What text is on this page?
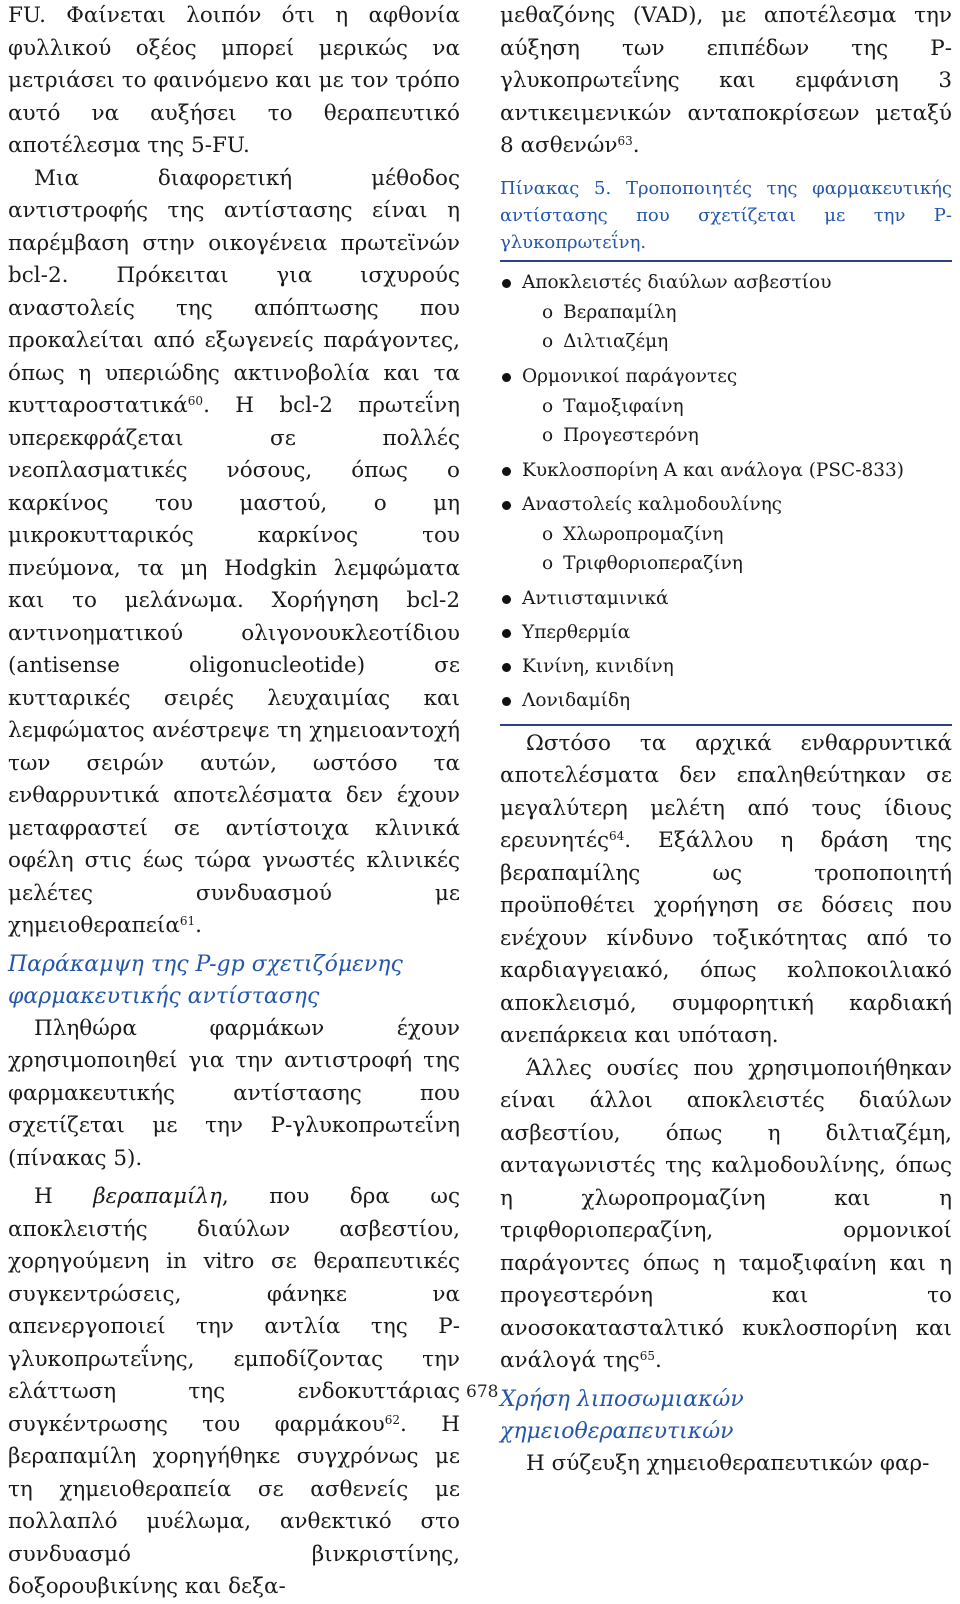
FU. Φαίνεται λοιπόν ότι η αφθονία φυλλικού οξέος μπορεί μερικώς να μετριάσει το φαινόμενο και με τον τρόπο αυτό να αυξήσει το θεραπευτικό αποτέλεσμα της 5-FU.

Μια διαφορετική μέθοδος αντιστροφής της αντίστασης είναι η παρέμβαση στην οικογένεια πρωτεϊνών bcl-2. Πρόκειται για ισχυρούς αναστολείς της απόπτωσης που προκαλείται από εξωγενείς παράγοντες, όπως η υπεριώδης ακτινοβολία και τα κυτταροστατικά$^{60}$. Η bcl-2 πρωτεΐνη υπερεκφράζεται σε πολλές νεοπλασματικές νόσους, όπως ο καρκίνος του μαστού, ο μη μικροκυτταρικός καρκίνος του πνεύμονα, τα μη Hodgkin λεμφώματα και το μελάνωμα. Χορήγηση bcl-2 αντινοηματικού ολιγονουκλεοτίδιου (antisense oligonucleotide) σε κυτταρικές σειρές λευχαιμίας και λεμφώματος ανέστρεψε τη χημειοαντοχή των σειρών αυτών, ωστόσο τα ενθαρρυντικά αποτελέσματα δεν έχουν μεταφραστεί σε αντίστοιχα κλινικά οφέλη στις έως τώρα γνωστές κλινικές μελέτες συνδυασμού με χημειοθεραπεία$^{61}$.

Παράκαμψη της P-gp σχετιζόμενης φαρμακευτικής αντίστασης

Πληθώρα φαρμάκων έχουν χρησιμοποιηθεί για την αντιστροφή της φαρμακευτικής αντίστασης που σχετίζεται με την Ρ-γλυκοπρωτεΐνη (πίνακας 5).

Η βεραπαμίλη, που δρα ως αποκλειστής διαύλων ασβεστίου, χορηγούμενη in vitro σε θεραπευτικές συγκεντρώσεις, φάνηκε να απενεργοποιεί την αντλία της Ρ-γλυκοπρωτεΐνης, εμποδίζοντας την ελάττωση της ενδοκυττάριας συγκέντρωσης του φαρμάκου$^{62}$. Η βεραπαμίλη χορηγήθηκε συγχρόνως με τη χημειοθεραπεία σε ασθενείς με πολλαπλό μυέλωμα, ανθεκτικό στο συνδυασμό βινκριστίνης, δοξορουβικίνης και δεξα-

μεθαζόνης (VAD), με αποτέλεσμα την αύξηση των επιπέδων της Ρ-γλυκοπρωτεΐνης και εμφάνιση 3 αντικειμενικών ανταποκρίσεων μεταξύ 8 ασθενών$^{63}$.

Πίνακας 5. Τροποποιητές της φαρμακευτικής αντίστασης που σχετίζεται με την Ρ-γλυκοπρωτεΐνη.
Αποκλειστές διαύλων ασβεστίου
o Βεραπαμίλη
o Διλτιαζέμη
Ορμονικοί παράγοντες
o Ταμοξιφαίνη
o Προγεστερόνη
Κυκλοσπορίνη Α και ανάλογα (PSC-833)
Αναστολείς καλμοδουλίνης
o Χλωροπρομαζίνη
o Τριφθοριοπεραζίνη
Αντιισταμινικά
Υπερθερμία
Κινίνη, κινιδίνη
Λονιδαμίδη

Ωστόσο τα αρχικά ενθαρρυντικά αποτελέσματα δεν επαληθεύτηκαν σε μεγαλύτερη μελέτη από τους ίδιους ερευνητές$^{64}$. Εξάλλου η δράση της βεραπαμίλης ως τροποποιητή προϋποθέτει χορήγηση σε δόσεις που ενέχουν κίνδυνο τοξικότητας από το καρδιαγγειακό, όπως κολποκοιλιακό αποκλεισμό, συμφορητική καρδιακή ανεπάρκεια και υπόταση.

Άλλες ουσίες που χρησιμοποιήθηκαν είναι άλλοι αποκλειστές διαύλων ασβεστίου, όπως η διλτιαζέμη, ανταγωνιστές της καλμοδουλίνης, όπως η χλωροπρομαζίνη και η τριφθοριοπεραζίνη, ορμονικοί παράγοντες όπως η ταμοξιφαίνη και η προγεστερόνη και το ανοσοκατασταλτικό κυκλοσπορίνη και ανάλογά της$^{65}$.

Χρήση λιποσωμιακών χημειοθεραπευτικών

Η σύζευξη χημειοθεραπευτικών φαρ-

678
